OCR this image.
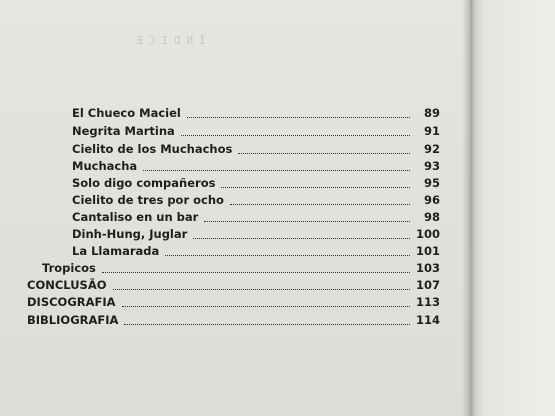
ÍNDICE
El Chueco Maciel	89
Negrita Martina	91
Cielito de los Muchachos	92
Muchacha	93
Solo digo compañeros	95
Cielito de tres por ocho	96
Cantaliso en un bar	98
Dinh-Hung, Juglar	100
La Llamarada	101
Tropicos	103
CONCLUSÃO	107
DISCOGRAFIA	113
BIBLIOGRAFIA	114
